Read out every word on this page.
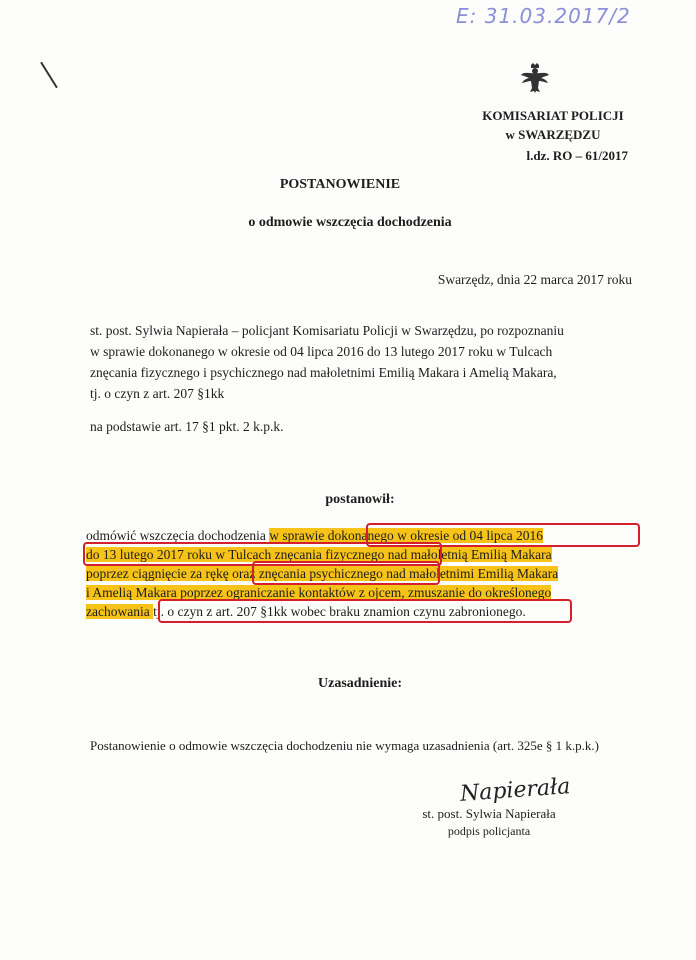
E: 31.03.2017/2
KOMISARIAT POLICJI
w SWARZĘDZU
l.dz. RO – 61/2017
POSTANOWIENIE
o odmowie wszczęcia dochodzenia
Swarzędz, dnia 22 marca 2017 roku
st. post. Sylwia Napierała – policjant Komisariatu Policji w Swarzędzu, po rozpoznaniu
w sprawie dokonanego w okresie od 04 lipca 2016 do 13 lutego 2017 roku w Tulcach
znęcania fizycznego i psychicznego nad małoletnimi Emilią Makara i Amelią Makara,
tj. o czyn z art. 207 §1kk
na podstawie art. 17 §1 pkt. 2 k.p.k.
postanowił:
odmówić wszczęcia dochodzenia w sprawie dokonanego w okresie od 04 lipca 2016
do 13 lutego 2017 roku w Tulcach znęcania fizycznego nad małoletnią Emilią Makara
poprzez ciągnięcie za rękę oraz znęcania psychicznego nad małoletnimi Emilią Makara
i Amelią Makara poprzez ograniczanie kontaktów z ojcem, zmuszanie do określonego
zachowania tj. o czyn z art. 207 §1kk wobec braku znamion czynu zabronionego.
Uzasadnienie:
Postanowienie o odmowie wszczęcia dochodzeniu nie wymaga uzasadnienia (art. 325e § 1 k.p.k.)
Napierała
st. post. Sylwia Napierała
podpis policjanta
